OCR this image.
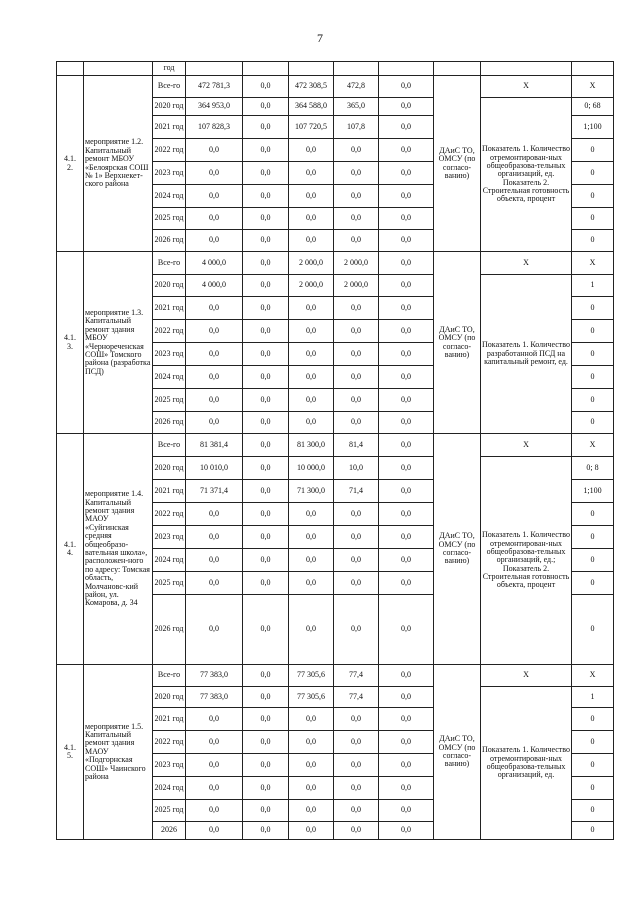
7
		год								
4.1.
2.	мероприятие 1.2. Капитальный ремонт МБОУ «Белоярская СОШ № 1» Верхнекет-ского района	Все-го	472 781,3	0,0	472 308,5	472,8	0,0	ДАиС ТО, ОМСУ (по согласо-ванию)	Х	Х
		2020 год	364 953,0	0,0	364 588,0	365,0	0,0		Показатель 1. Количество отремонтирован-ных общеобразова-тельных организаций, ед. Показатель 2. Строительная готовность объекта, процент	0; 68
		2021 год	107 828,3	0,0	107 720,5	107,8	0,0			1;100
		2022 год	0,0	0,0	0,0	0,0	0,0			0
		2023 год	0,0	0,0	0,0	0,0	0,0			0
		2024 год	0,0	0,0	0,0	0,0	0,0			0
		2025 год	0,0	0,0	0,0	0,0	0,0			0
		2026 год	0,0	0,0	0,0	0,0	0,0			0
4.1.
3.	мероприятие 1.3. Капитальный ремонт здания МБОУ «Чернореченская СОШ» Томского района (разработка ПСД)	Все-го	4 000,0	0,0	2 000,0	2 000,0	0,0	ДАиС ТО, ОМСУ (по согласо-ванию)	Х	Х
		2020 год	4 000,0	0,0	2 000,0	2 000,0	0,0		Показатель 1. Количество разработанной ПСД на капитальный ремонт, ед.	1
		2021 год	0,0	0,0	0,0	0,0	0,0			0
		2022 год	0,0	0,0	0,0	0,0	0,0			0
		2023 год	0,0	0,0	0,0	0,0	0,0			0
		2024 год	0,0	0,0	0,0	0,0	0,0			0
		2025 год	0,0	0,0	0,0	0,0	0,0			0
		2026 год	0,0	0,0	0,0	0,0	0,0			0
4.1.
4.	мероприятие 1.4. Капитальный ремонт здания МАОУ «Суйгинская средняя общеобразо-вательная школа», расположен-ного по адресу: Томская область, Молчановс-кий район, ул. Комарова, д. 34	Все-го	81 381,4	0,0	81 300,0	81,4	0,0	ДАиС ТО, ОМСУ (по согласо-ванию)	Х	Х
		2020 год	10 010,0	0,0	10 000,0	10,0	0,0		Показатель 1. Количество отремонтирован-ных общеобразова-тельных организаций, ед.; Показатель 2. Строительная готовность объекта, процент	0; 8
		2021 год	71 371,4	0,0	71 300,0	71,4	0,0			1;100
		2022 год	0,0	0,0	0,0	0,0	0,0			0
		2023 год	0,0	0,0	0,0	0,0	0,0			0
		2024 год	0,0	0,0	0,0	0,0	0,0			0
		2025 год	0,0	0,0	0,0	0,0	0,0			0
		2026 год	0,0	0,0	0,0	0,0	0,0			0
4.1.
5.	мероприятие 1.5. Капитальный ремонт здания МАОУ «Подгорнская СОШ» Чаинского района	Все-го	77 383,0	0,0	77 305,6	77,4	0,0	ДАиС ТО, ОМСУ (по согласо-ванию)	Х	Х
		2020 год	77 383,0	0,0	77 305,6	77,4	0,0		Показатель 1. Количество отремонтирован-ных общеобразова-тельных организаций, ед.	1
		2021 год	0,0	0,0	0,0	0,0	0,0			0
		2022 год	0,0	0,0	0,0	0,0	0,0			0
		2023 год	0,0	0,0	0,0	0,0	0,0			0
		2024 год	0,0	0,0	0,0	0,0	0,0			0
		2025 год	0,0	0,0	0,0	0,0	0,0			0
		2026	0,0	0,0	0,0	0,0	0,0			0
